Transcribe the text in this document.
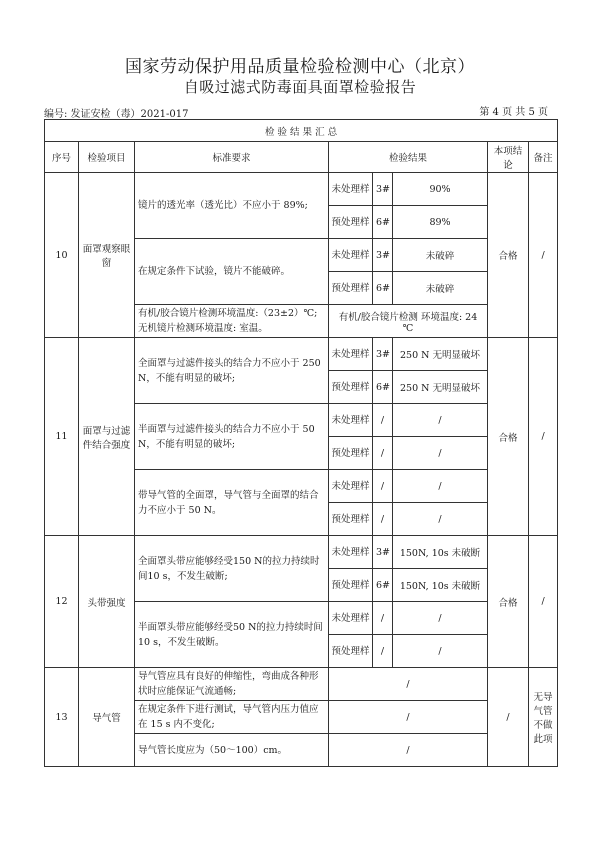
国家劳动保护用品质量检验检测中心（北京）
自吸过滤式防毒面具面罩检验报告
编号: 发证安检（毒）2021-017	第 4 页 共 5 页
检 验 结 果 汇 总							
序号	检验项目	标准要求	检验结果			本项结论	备注
10	面罩观察眼窗	镜片的透光率（透光比）不应小于 89%;	未处理样	3#	90%	合格	/
			预处理样	6#	89%		
		在规定条件下试验，镜片不能破碎。	未处理样	3#	未破碎		
			预处理样	6#	未破碎		
		有机/胶合镜片检测环境温度:（23±2）℃; 无机镜片检测环境温度: 室温。	有机/胶合镜片检测 环境温度: 24 ℃				
11	面罩与过滤件结合强度	全面罩与过滤件接头的结合力不应小于 250 N，不能有明显的破坏;	未处理样	3#	250 N 无明显破坏	合格	/
			预处理样	6#	250 N 无明显破坏		
		半面罩与过滤件接头的结合力不应小于 50 N，不能有明显的破坏;	未处理样	/	/		
			预处理样	/	/		
		带导气管的全面罩，导气管与全面罩的结合力不应小于 50 N。	未处理样	/	/		
			预处理样	/	/		
12	头带强度	全面罩头带应能够经受150 N的拉力持续时间10 s，不发生破断;	未处理样	3#	150N, 10s 未破断	合格	/
			预处理样	6#	150N, 10s 未破断		
		半面罩头带应能够经受50 N的拉力持续时间 10 s，不发生破断。	未处理样	/	/		
			预处理样	/	/		
13	导气管	导气管应具有良好的伸缩性，弯曲成各种形状时应能保证气流通畅;	/			/	无导气管不做此项
		在规定条件下进行测试，导气管内压力值应在 15 s 内不变化;	/				
		导气管长度应为（50～100）cm。	/				
